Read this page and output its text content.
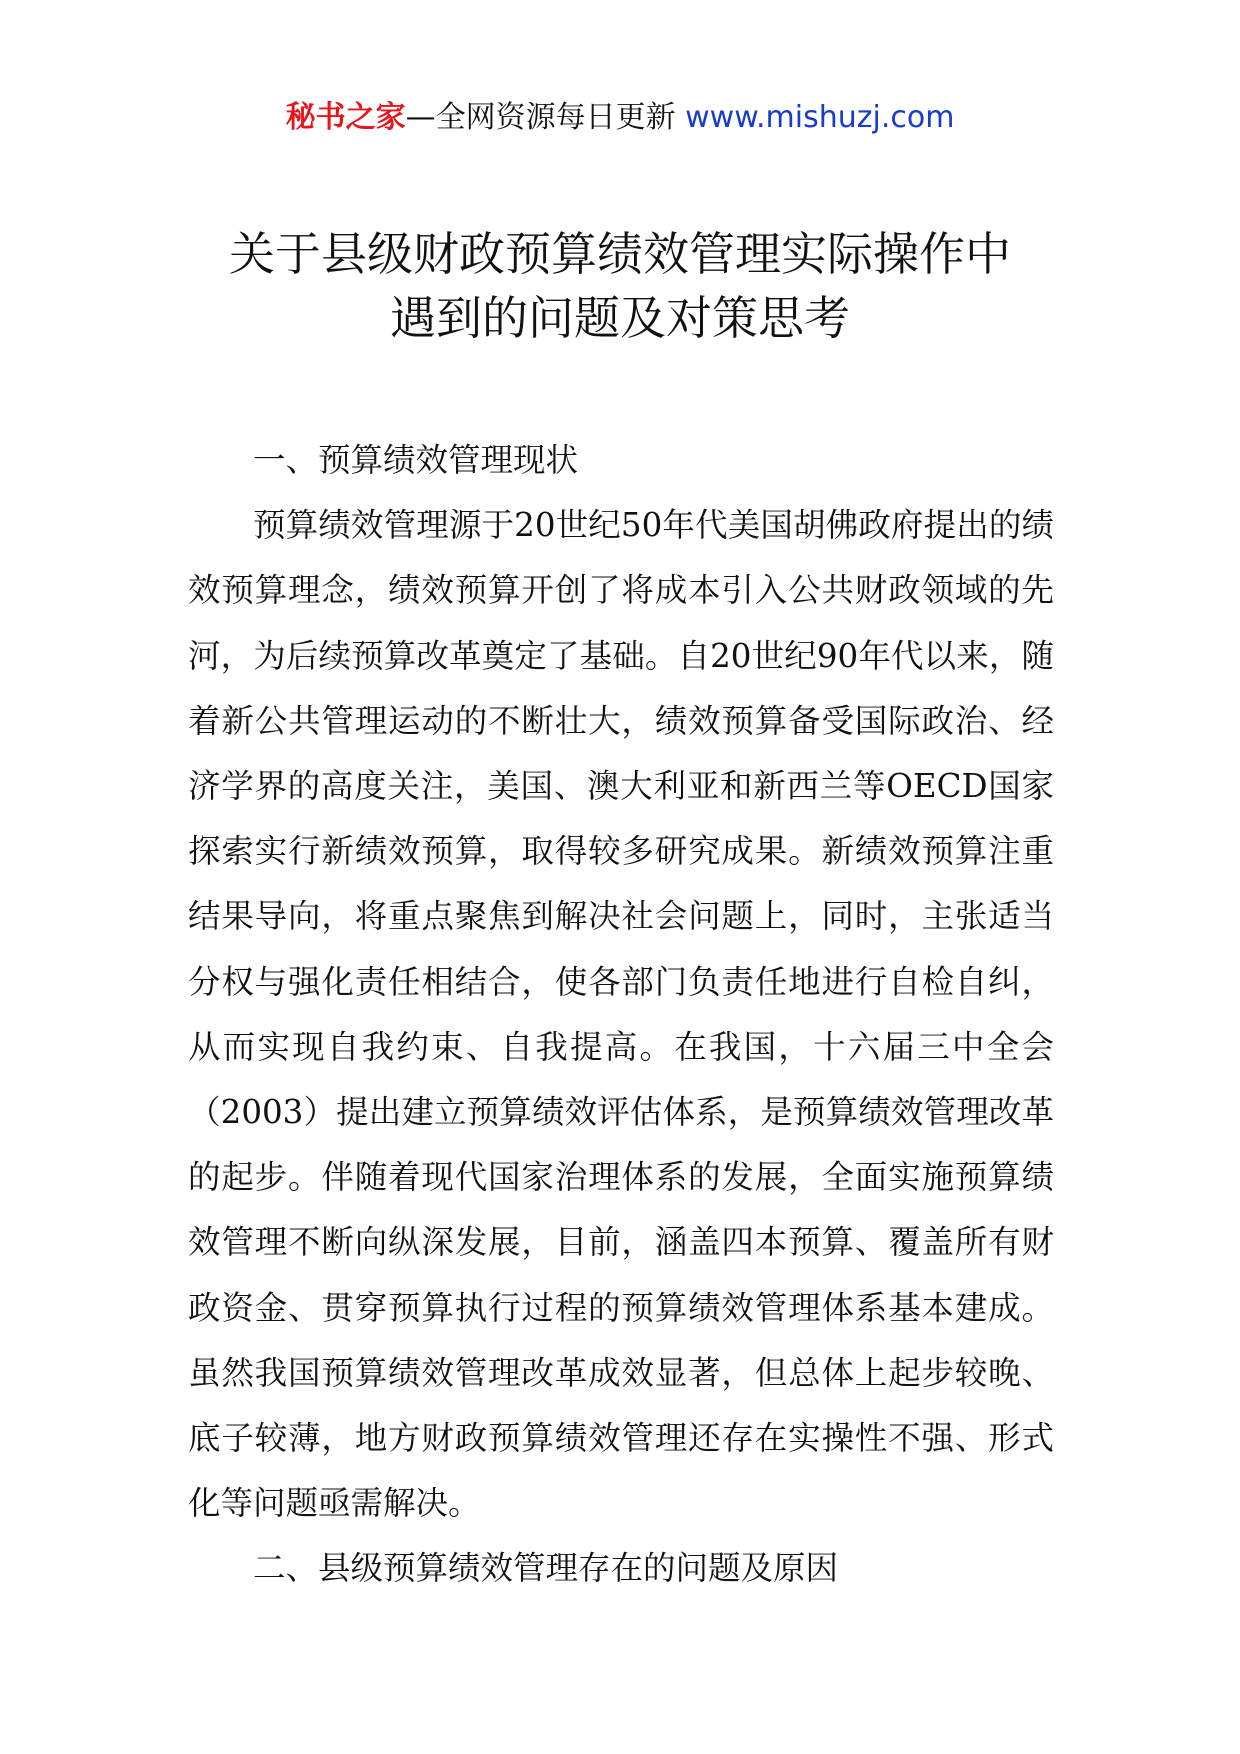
秘书之家—全网资源每日更新 www.mishuzj.com
关于县级财政预算绩效管理实际操作中
遇到的问题及对策思考

一、预算绩效管理现状

预算绩效管理源于20世纪50年代美国胡佛政府提出的绩效预算理念，绩效预算开创了将成本引入公共财政领域的先河，为后续预算改革奠定了基础。自20世纪90年代以来，随着新公共管理运动的不断壮大，绩效预算备受国际政治、经济学界的高度关注，美国、澳大利亚和新西兰等OECD国家探索实行新绩效预算，取得较多研究成果。新绩效预算注重结果导向，将重点聚焦到解决社会问题上，同时，主张适当分权与强化责任相结合，使各部门负责任地进行自检自纠，从而实现自我约束、自我提高。在我国，十六届三中全会（2003）提出建立预算绩效评估体系，是预算绩效管理改革的起步。伴随着现代国家治理体系的发展，全面实施预算绩效管理不断向纵深发展，目前，涵盖四本预算、覆盖所有财政资金、贯穿预算执行过程的预算绩效管理体系基本建成。虽然我国预算绩效管理改革成效显著，但总体上起步较晚、底子较薄，地方财政预算绩效管理还存在实操性不强、形式化等问题亟需解决。

二、县级预算绩效管理存在的问题及原因
